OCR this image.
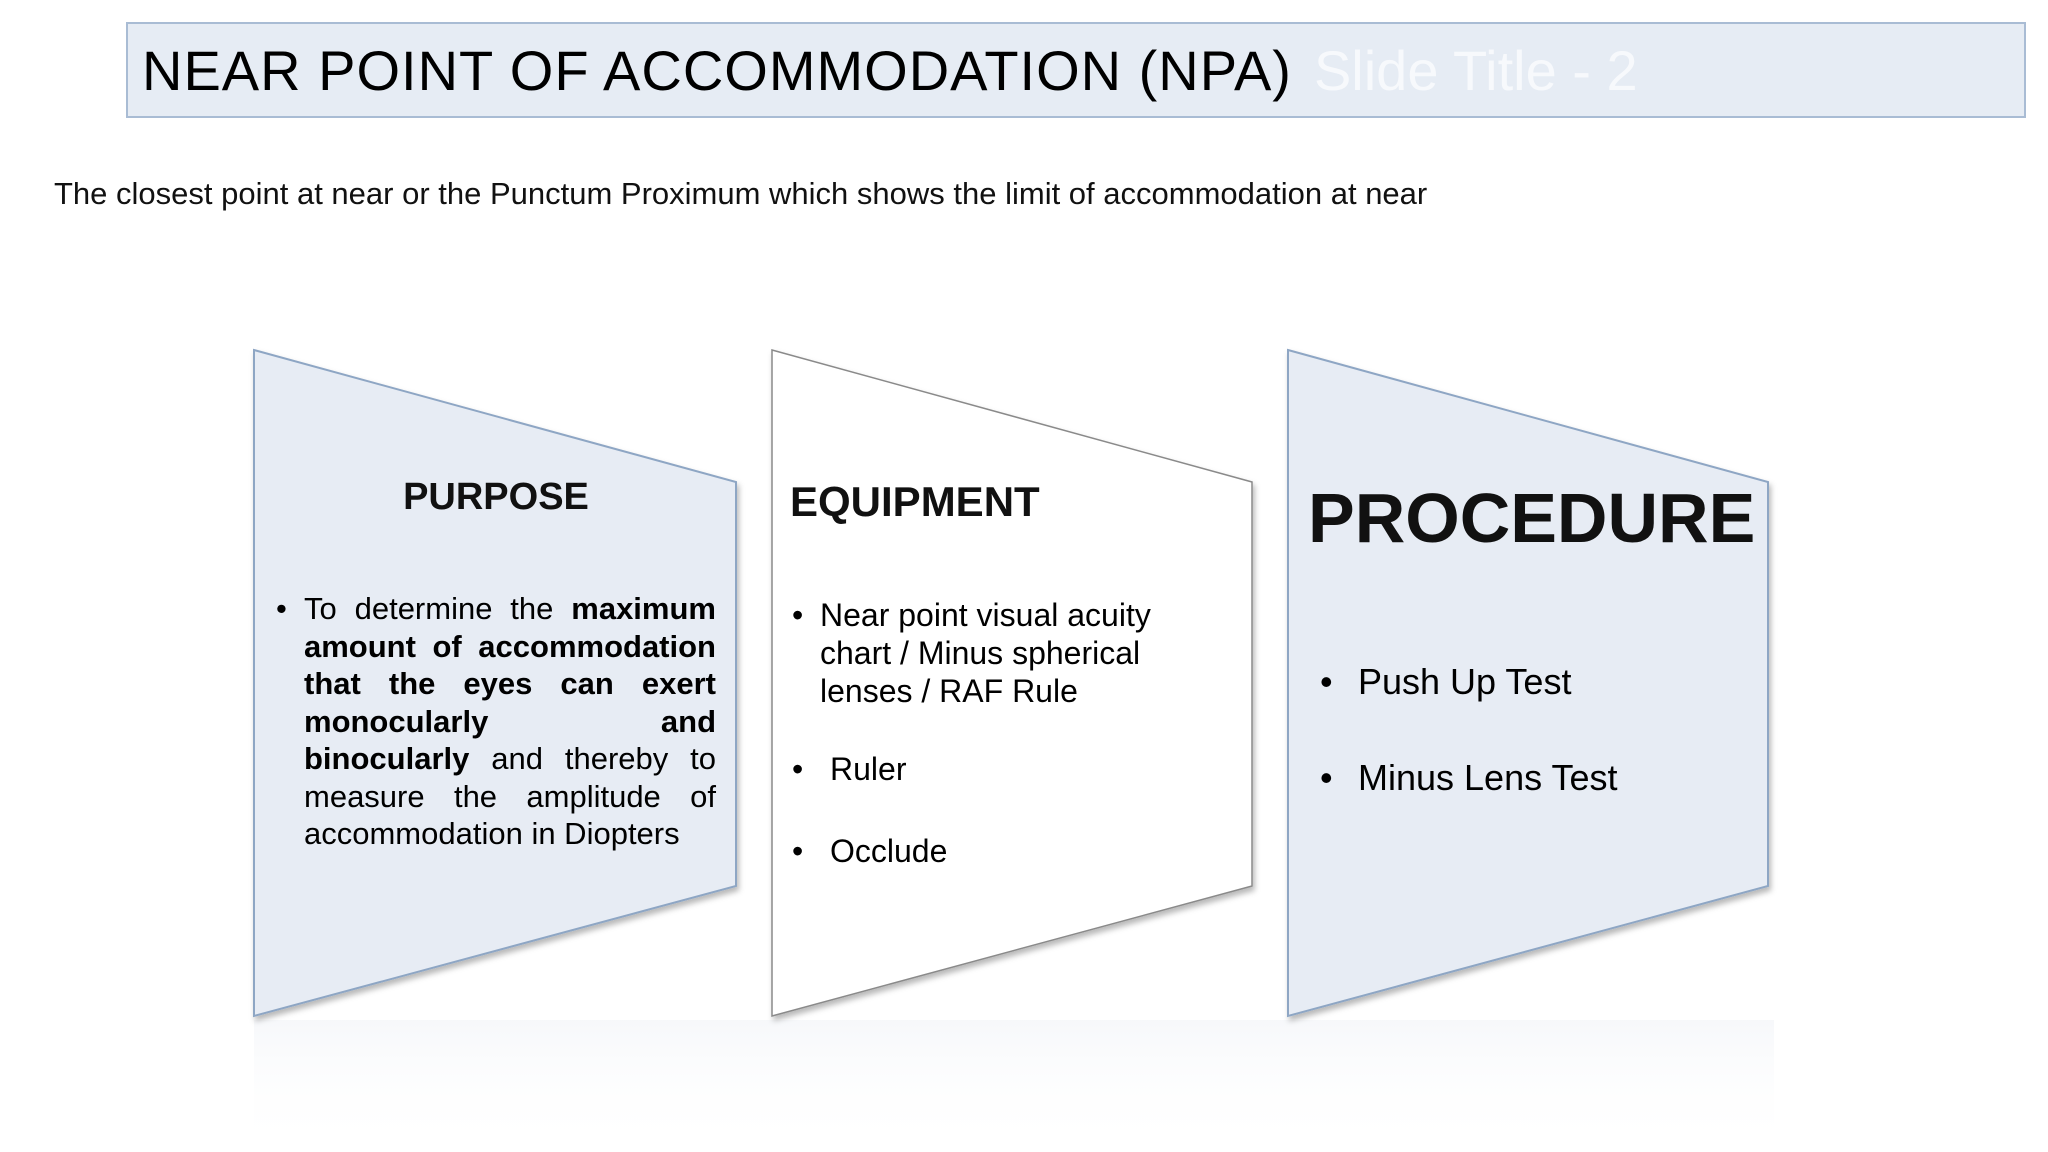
NEAR POINT OF ACCOMMODATION (NPA) Slide Title - 2
The closest point at near or the Punctum Proximum which shows the limit of accommodation at near
PURPOSE
• To determine the maximum amount of accommodation that the eyes can exert monocularly and binocularly and thereby to measure the amplitude of accommodation in Diopters
EQUIPMENT
• Near point visual acuity chart / Minus spherical lenses / RAF Rule
• Ruler
• Occlude
PROCEDURE
• Push Up Test
• Minus Lens Test
